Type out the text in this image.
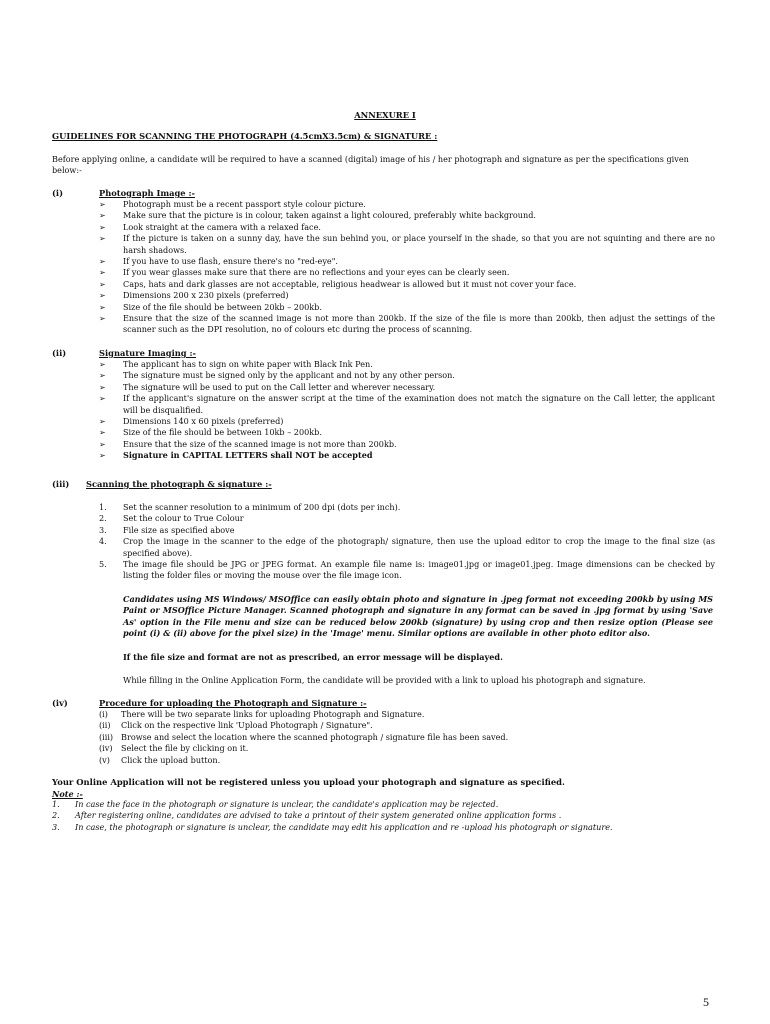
ANNEXURE I
GUIDELINES FOR SCANNING THE PHOTOGRAPH (4.5cmX3.5cm) & SIGNATURE :
Before applying online, a candidate will be required to have a scanned (digital) image of his / her photograph and signature as per the specifications given below:-
(i)	Photograph Image :-
➢ Photograph must be a recent passport style colour picture.
➢ Make sure that the picture is in colour, taken against a light coloured, preferably white background.
➢ Look straight at the camera with a relaxed face.
➢ If the picture is taken on a sunny day, have the sun behind you, or place yourself in the shade, so that you are not squinting and there are no harsh shadows.
➢ If you have to use flash, ensure there's no "red-eye".
➢ If you wear glasses make sure that there are no reflections and your eyes can be clearly seen.
➢ Caps, hats and dark glasses are not acceptable, religious headwear is allowed but it must not cover your face.
➢ Dimensions 200 x 230 pixels (preferred)
➢ Size of the file should be between 20kb – 200kb.
➢ Ensure that the size of the scanned image is not more than 200kb. If the size of the file is more than 200kb, then adjust the settings of the scanner such as the DPI resolution, no of colours etc during the process of scanning.
(ii)	Signature Imaging :-
➢ The applicant has to sign on white paper with Black Ink Pen.
➢ The signature must be signed only by the applicant and not by any other person.
➢ The signature will be used to put on the Call letter and wherever necessary.
➢ If the applicant's signature on the answer script at the time of the examination does not match the signature on the Call letter, the applicant will be disqualified.
➢ Dimensions 140 x 60 pixels (preferred)
➢ Size of the file should be between 10kb – 200kb.
➢ Ensure that the size of the scanned image is not more than 200kb.
➢ Signature in CAPITAL LETTERS shall NOT be accepted
(iii) Scanning the photograph & signature :-
1. Set the scanner resolution to a minimum of 200 dpi (dots per inch).
2. Set the colour to True Colour
3. File size as specified above
4. Crop the image in the scanner to the edge of the photograph/ signature, then use the upload editor to crop the image to the final size (as specified above).
5. The image file should be JPG or JPEG format. An example file name is: image01.jpg or image01.jpeg. Image dimensions can be checked by listing the folder files or moving the mouse over the file image icon.
Candidates using MS Windows/ MSOffice can easily obtain photo and signature in .jpeg format not exceeding 200kb by using MS Paint or MSOffice Picture Manager. Scanned photograph and signature in any format can be saved in .jpg format by using 'Save As' option in the File menu and size can be reduced below 200kb (signature) by using crop and then resize option (Please see point (i) & (ii) above for the pixel size) in the 'Image' menu. Similar options are available in other photo editor also.
If the file size and format are not as prescribed, an error message will be displayed.
While filling in the Online Application Form, the candidate will be provided with a link to upload his photograph and signature.
(iv)	Procedure for uploading the Photograph and Signature :-
(i) There will be two separate links for uploading Photograph and Signature.
(ii) Click on the respective link 'Upload Photograph / Signature".
(iii) Browse and select the location where the scanned photograph / signature file has been saved.
(iv) Select the file by clicking on it.
(v) Click the upload button.
Your Online Application will not be registered unless you upload your photograph and signature as specified.
Note :-
1. In case the face in the photograph or signature is unclear, the candidate's application may be rejected.
2. After registering online, candidates are advised to take a printout of their system generated online application forms .
3. In case, the photograph or signature is unclear, the candidate may edit his application and re -upload his photograph or signature.
5
